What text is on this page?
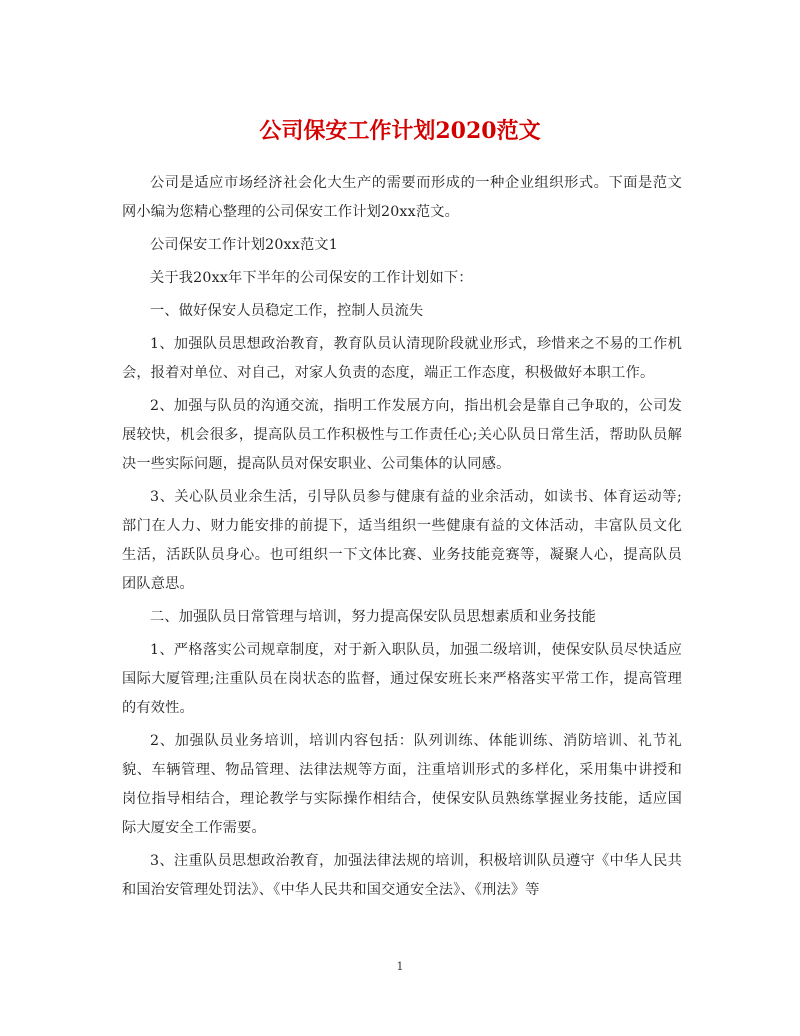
公司保安工作计划2020范文

公司是适应市场经济社会化大生产的需要而形成的一种企业组织形式。下面是范文网小编为您精心整理的公司保安工作计划20xx范文。

公司保安工作计划20xx范文1

关于我20xx年下半年的公司保安的工作计划如下：

一、做好保安人员稳定工作，控制人员流失

1、加强队员思想政治教育，教育队员认清现阶段就业形式，珍惜来之不易的工作机会，报着对单位、对自己，对家人负责的态度，端正工作态度，积极做好本职工作。

2、加强与队员的沟通交流，指明工作发展方向，指出机会是靠自己争取的，公司发展较快，机会很多，提高队员工作积极性与工作责任心;关心队员日常生活，帮助队员解决一些实际问题，提高队员对保安职业、公司集体的认同感。

3、关心队员业余生活，引导队员参与健康有益的业余活动，如读书、体育运动等;部门在人力、财力能安排的前提下，适当组织一些健康有益的文体活动，丰富队员文化生活，活跃队员身心。也可组织一下文体比赛、业务技能竞赛等，凝聚人心，提高队员团队意思。

二、加强队员日常管理与培训，努力提高保安队员思想素质和业务技能

1、严格落实公司规章制度，对于新入职队员，加强二级培训，使保安队员尽快适应国际大厦管理;注重队员在岗状态的监督，通过保安班长来严格落实平常工作，提高管理的有效性。

2、加强队员业务培训，培训内容包括：队列训练、体能训练、消防培训、礼节礼貌、车辆管理、物品管理、法律法规等方面，注重培训形式的多样化，采用集中讲授和岗位指导相结合，理论教学与实际操作相结合，使保安队员熟练掌握业务技能，适应国际大厦安全工作需要。

3、注重队员思想政治教育，加强法律法规的培训，积极培训队员遵守《中华人民共和国治安管理处罚法》、《中华人民共和国交通安全法》、《刑法》等

1
